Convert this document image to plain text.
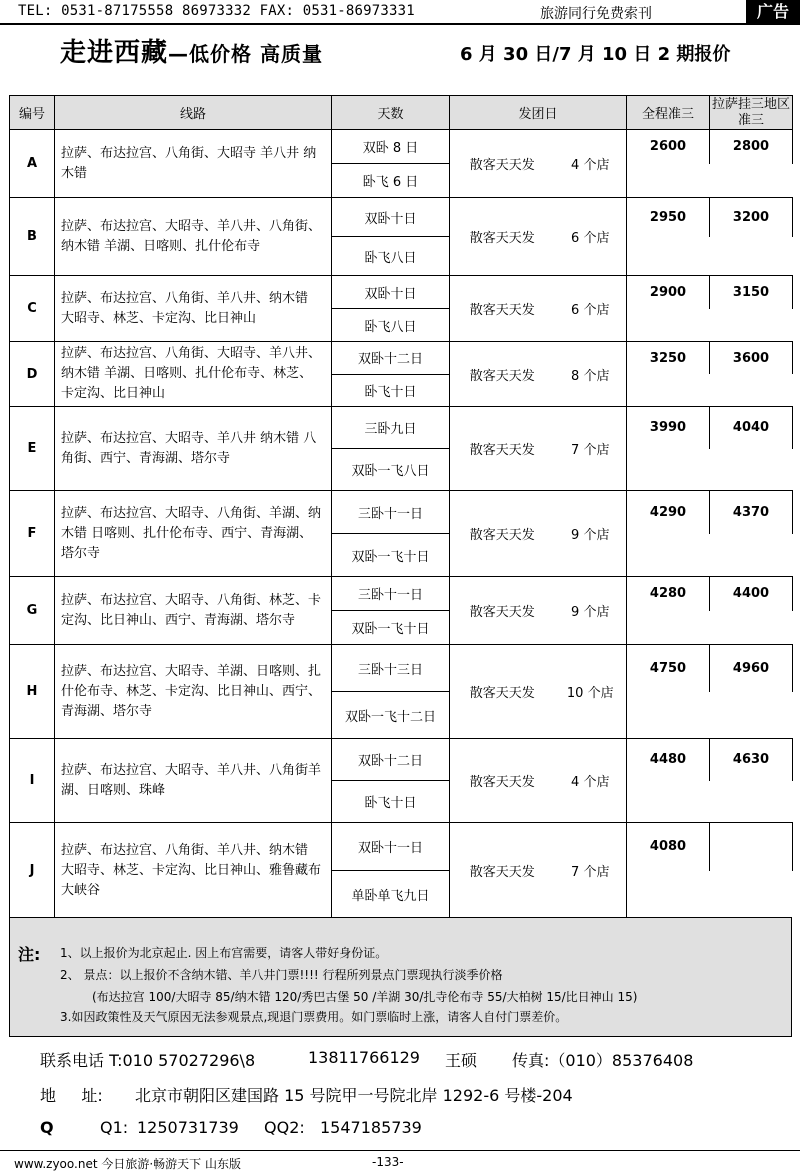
TEL: 0531-87175558 86973332 FAX: 0531-86973331	旅游同行免费索刊	广告
走进西藏—低价格 高质量	6 月 30 日/7 月 10 日 2 期报价
编号	线路	天数	发团日		全程准三	拉萨挂三地区准三
A	拉萨、布达拉宫、八角街、大昭寺 羊八井 纳木错	双卧 8 日	散客天天发	4 个店	2600	2800
		卧飞 6 日	

B	拉萨、布达拉宫、大昭寺、羊八井、八角街、纳木错 羊湖、日喀则、扎什伦布寺	双卧十日	散客天天发	6 个店	2950	3200
		卧飞八日	

C	拉萨、布达拉宫、八角街、羊八井、纳木错 大昭寺、林芝、卡定沟、比日神山	双卧十日	散客天天发	6 个店	2900	3150
		卧飞八日	

D	拉萨、布达拉宫、八角街、大昭寺、羊八井、纳木错 羊湖、日喀则、扎什伦布寺、林芝、卡定沟、比日神山	双卧十二日	散客天天发	8 个店	3250	3600
		卧飞十日	

E	拉萨、布达拉宫、大昭寺、羊八井 纳木错 八角街、西宁、青海湖、塔尔寺	三卧九日	散客天天发	7 个店	3990	4040
		双卧一飞八日	

F	拉萨、布达拉宫、大昭寺、八角街、羊湖、纳木错 日喀则、扎什伦布寺、西宁、青海湖、塔尔寺	三卧十一日	散客天天发	9 个店	4290	4370
		双卧一飞十日	

G	拉萨、布达拉宫、大昭寺、八角街、林芝、卡定沟、比日神山、西宁、青海湖、塔尔寺	三卧十一日	散客天天发	9 个店	4280	4400
		双卧一飞十日	

H	拉萨、布达拉宫、大昭寺、羊湖、日喀则、扎什伦布寺、林芝、卡定沟、比日神山、西宁、青海湖、塔尔寺	三卧十三日	散客天天发	10 个店	4750	4960
		双卧一飞十二日	

I	拉萨、布达拉宫、大昭寺、羊八井、八角街羊湖、日喀则、珠峰	双卧十二日	散客天天发	4 个店	4480	4630
		卧飞十日	

J	拉萨、布达拉宫、八角街、羊八井、纳木错 大昭寺、林芝、卡定沟、比日神山、雅鲁藏布大峡谷	双卧十一日	散客天天发	7 个店	4080	
		单卧单飞九日	
注: 1、以上报价为北京起止. 因上布宫需要，请客人带好身份证。
2、 景点：以上报价不含纳木错、羊八井门票!!!! 行程所列景点门票现执行淡季价格
(布达拉宫 100/大昭寺 85/纳木错 120/秀巴古堡 50 /羊湖 30/扎寺伦布寺 55/大柏树 15/比日神山 15)
3.如因政策性及天气原因无法参观景点,现退门票费用。如门票临时上涨，请客人自付门票差价。
联系电话 T:010 57027296\8	13811766129 王硕 传真:（010）85376408
地     址: 北京市朝阳区建国路 15 号院甲一号院北岸 1292-6 号楼-204
Q	Q1: 1250731739 QQ2: 1547185739
www.zyoo.net 今日旅游·畅游天下 山东版	-133-
